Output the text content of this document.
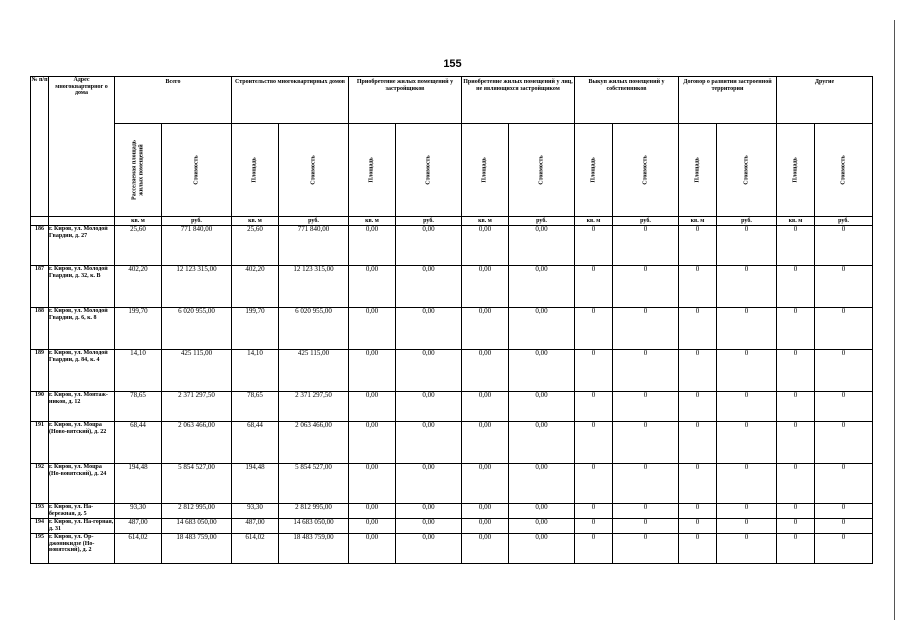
155
№ п/п	Адрес многоквартирног о дома	Всего		Строительство многоквартирных домов		Приобретение жилых помещений у застройщиков		Приобретение жилых помещений у лиц, не являющихся застройщиком		Выкуп жилых помещений у собственников		Договор о развитии застроенной территории		Другие	

		Расселяемая площадь жилых помещений	Стоимость	Площадь	Стоимость	Площадь	Стоимость	Площадь	Стоимость	Площадь	Стоимость	Площадь	Стоимость	Площадь	Стоимость

		кв. м	руб.	кв. м	руб.	кв. м	руб.	кв. м	руб.	кв. м	руб.	кв. м	руб.	кв. м	руб.
186	г. Киров, ул. Молодой Гвардии, д. 27	25,60	771 840,00	25,60	771 840,00	0,00	0,00	0,00	0,00	0	0	0	0	0	0
187	г. Киров, ул. Молодой Гвардии, д. 32, к. В	402,20	12 123 315,00	402,20	12 123 315,00	0,00	0,00	0,00	0,00	0	0	0	0	0	0
188	г. Киров, ул. Молодой Гвардии, д. 6, к. 8	199,70	6 020 955,00	199,70	6 020 955,00	0,00	0,00	0,00	0,00	0	0	0	0	0	0
189	г. Киров, ул. Молодой Гвардии, д. 84, к. 4	14,10	425 115,00	14,10	425 115,00	0,00	0,00	0,00	0,00	0	0	0	0	0	0
190	г. Киров, ул. Монтаж-ников, д. 12	78,65	2 371 297,50	78,65	2 371 297,50	0,00	0,00	0,00	0,00	0	0	0	0	0	0
191	г. Киров, ул. Моцра (Ново-вятский), д. 22	68,44	2 063 466,00	68,44	2 063 466,00	0,00	0,00	0,00	0,00	0	0	0	0	0	0
192	г. Киров, ул. Моцра (Но-вовятский), д. 24	194,48	5 854 527,00	194,48	5 854 527,00	0,00	0,00	0,00	0,00	0	0	0	0	0	0
193	г. Киров, ул. На-бережная, д. 5	93,30	2 812 995,00	93,30	2 812 995,00	0,00	0,00	0,00	0,00	0	0	0	0	0	0
194	г. Киров, ул. На-горная, д. 31	487,00	14 683 050,00	487,00	14 683 050,00	0,00	0,00	0,00	0,00	0	0	0	0	0	0
195	г. Киров, ул. Ор-джоникидзе (Но-вовятский), д. 2	614,02	18 483 759,00	614,02	18 483 759,00	0,00	0,00	0,00	0,00	0	0	0	0	0	0
